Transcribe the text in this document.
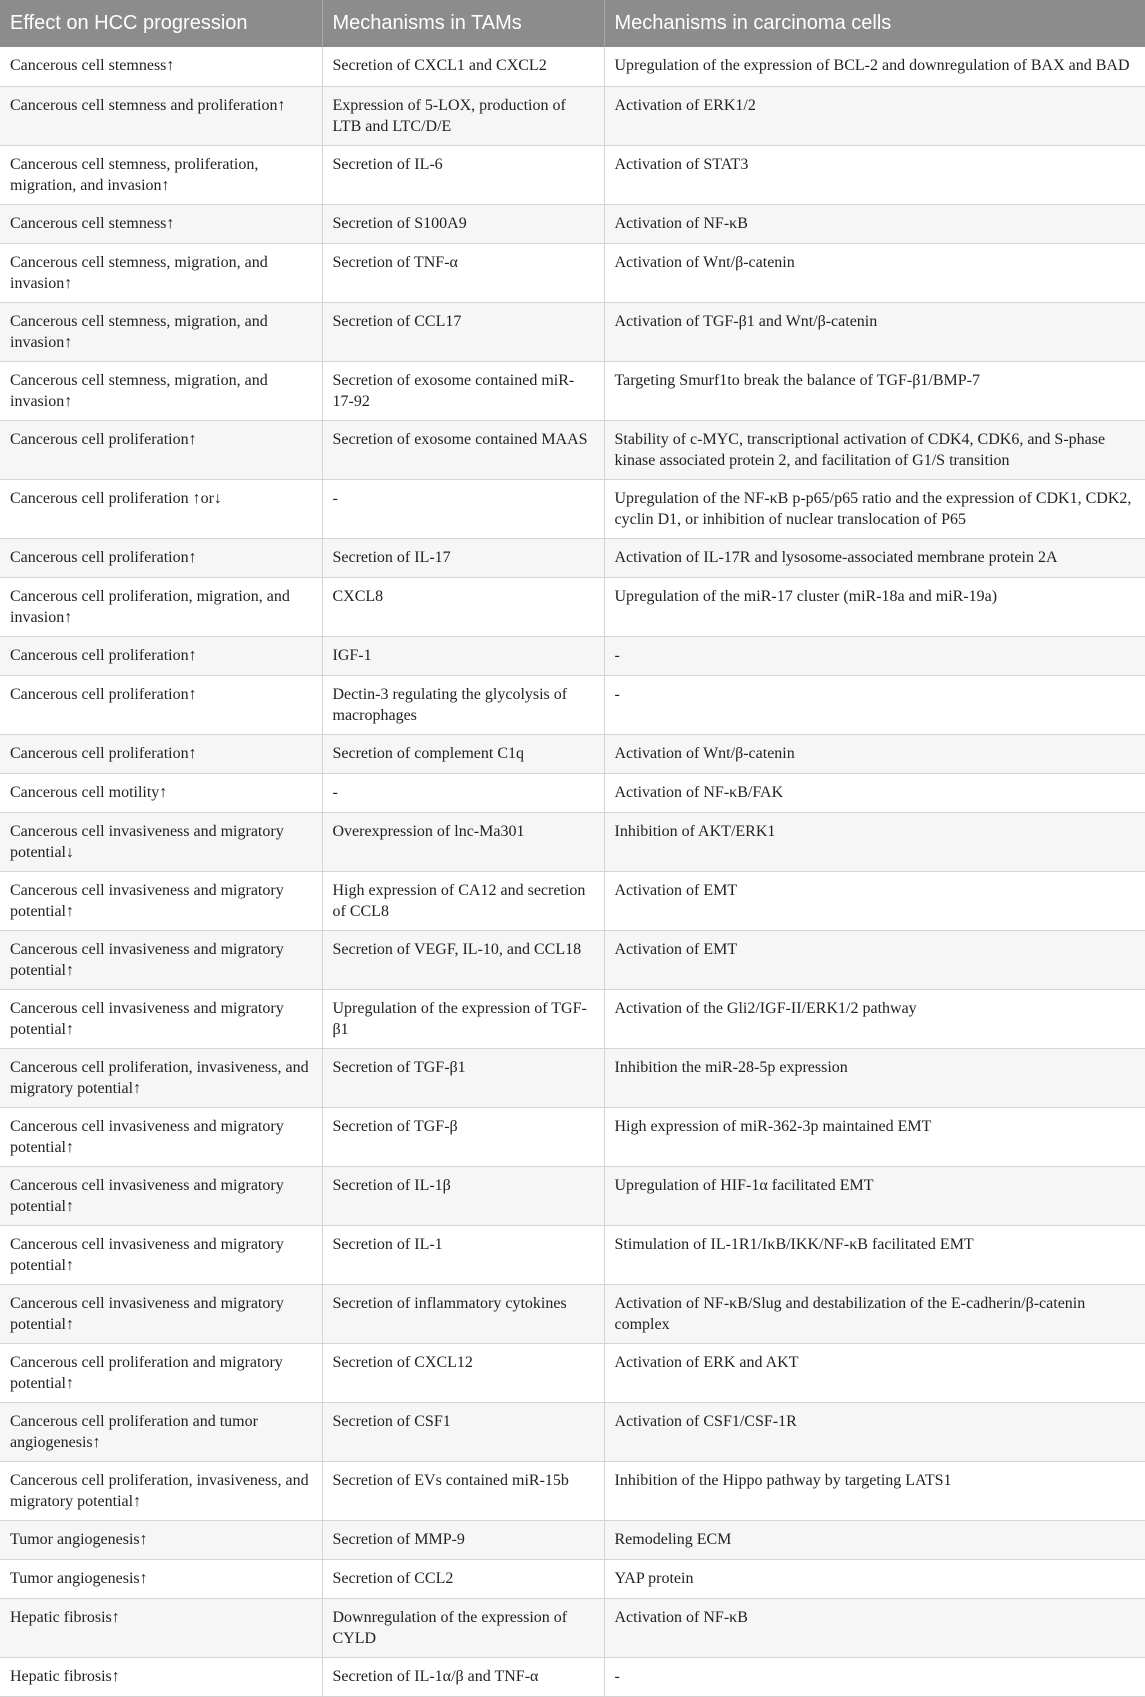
Effect on HCC progression	Mechanisms in TAMs	Mechanisms in carcinoma cells
Cancerous cell stemness↑	Secretion of CXCL1 and CXCL2	Upregulation of the expression of BCL-2 and downregulation of BAX and BAD
Cancerous cell stemness and proliferation↑	Expression of 5-LOX, production of LTB and LTC/D/E	Activation of ERK1/2
Cancerous cell stemness, proliferation, migration, and invasion↑	Secretion of IL-6	Activation of STAT3
Cancerous cell stemness↑	Secretion of S100A9	Activation of NF-κB
Cancerous cell stemness, migration, and invasion↑	Secretion of TNF-α	Activation of Wnt/β-catenin
Cancerous cell stemness, migration, and invasion↑	Secretion of CCL17	Activation of TGF-β1 and Wnt/β-catenin
Cancerous cell stemness, migration, and invasion↑	Secretion of exosome contained miR-17-92	Targeting Smurf1to break the balance of TGF-β1/BMP-7
Cancerous cell proliferation↑	Secretion of exosome contained MAAS	Stability of c-MYC, transcriptional activation of CDK4, CDK6, and S-phase kinase associated protein 2, and facilitation of G1/S transition
Cancerous cell proliferation ↑or↓	-	Upregulation of the NF-κB p-p65/p65 ratio and the expression of CDK1, CDK2, cyclin D1, or inhibition of nuclear translocation of P65
Cancerous cell proliferation↑	Secretion of IL-17	Activation of IL-17R and lysosome-associated membrane protein 2A
Cancerous cell proliferation, migration, and invasion↑	CXCL8	Upregulation of the miR-17 cluster (miR-18a and miR-19a)
Cancerous cell proliferation↑	IGF-1	-
Cancerous cell proliferation↑	Dectin-3 regulating the glycolysis of macrophages	-
Cancerous cell proliferation↑	Secretion of complement C1q	Activation of Wnt/β-catenin
Cancerous cell motility↑	-	Activation of NF-κB/FAK
Cancerous cell invasiveness and migratory potential↓	Overexpression of lnc-Ma301	Inhibition of AKT/ERK1
Cancerous cell invasiveness and migratory potential↑	High expression of CA12 and secretion of CCL8	Activation of EMT
Cancerous cell invasiveness and migratory potential↑	Secretion of VEGF, IL-10, and CCL18	Activation of EMT
Cancerous cell invasiveness and migratory potential↑	Upregulation of the expression of TGF-β1	Activation of the Gli2/IGF-II/ERK1/2 pathway
Cancerous cell proliferation, invasiveness, and migratory potential↑	Secretion of TGF-β1	Inhibition the miR-28-5p expression
Cancerous cell invasiveness and migratory potential↑	Secretion of TGF-β	High expression of miR-362-3p maintained EMT
Cancerous cell invasiveness and migratory potential↑	Secretion of IL-1β	Upregulation of HIF-1α facilitated EMT
Cancerous cell invasiveness and migratory potential↑	Secretion of IL-1	Stimulation of IL-1R1/IκB/IKK/NF-κB facilitated EMT
Cancerous cell invasiveness and migratory potential↑	Secretion of inflammatory cytokines	Activation of NF-κB/Slug and destabilization of the E-cadherin/β-catenin complex
Cancerous cell proliferation and migratory potential↑	Secretion of CXCL12	Activation of ERK and AKT
Cancerous cell proliferation and tumor angiogenesis↑	Secretion of CSF1	Activation of CSF1/CSF-1R
Cancerous cell proliferation, invasiveness, and migratory potential↑	Secretion of EVs contained miR-15b	Inhibition of the Hippo pathway by targeting LATS1
Tumor angiogenesis↑	Secretion of MMP-9	Remodeling ECM
Tumor angiogenesis↑	Secretion of CCL2	YAP protein
Hepatic fibrosis↑	Downregulation of the expression of CYLD	Activation of NF-κB
Hepatic fibrosis↑	Secretion of IL-1α/β and TNF-α	-
